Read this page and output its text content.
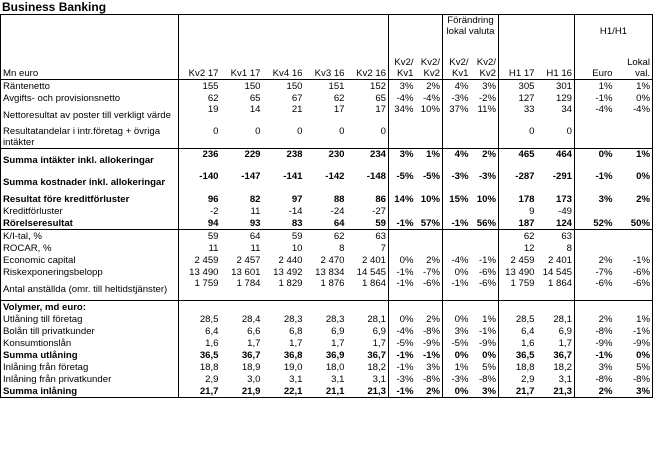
Business Banking
								Förändring lokal valuta				H1/H1	
Mn euro	Kv2 17	Kv1 17	Kv4 16	Kv3 16	Kv2 16	Kv2/ Kv1	Kv2/ Kv2	Kv2/ Kv1	Kv2/ Kv2	H1 17	H1 16	Euro	Lokal val.
Räntenetto	155	150	150	151	152	3%	2%	4%	3%	305	301	1%	1%
Avgifts- och provisionsnetto	62	65	67	62	65	-4%	-4%	-3%	-2%	127	129	-1%	0%
Nettoresultat av poster till verkligt värde	19	14	21	17	17	34%	10%	37%	11%	33	34	-4%	-4%
Resultatandelar i intr.företag + övriga intäkter	0	0	0	0	0					0	0		
Summa intäkter inkl. allokeringar	236	229	238	230	234	3%	1%	4%	2%	465	464	0%	1%
Summa kostnader inkl. allokeringar	-140	-147	-141	-142	-148	-5%	-5%	-3%	-3%	-287	-291	-1%	0%
Resultat före kreditförluster	96	82	97	88	86	14%	10%	15%	10%	178	173	3%	2%
Kreditförluster	-2	11	-14	-24	-27					9	-49		
Rörelseresultat	94	93	83	64	59	-1%	57%	-1%	56%	187	124	52%	50%
K/I-tal, %	59	64	59	62	63					62	63		
ROCAR, %	11	11	10	8	7					12	8		
Economic capital	2 459	2 457	2 440	2 470	2 401	0%	2%	-4%	-1%	2 459	2 401	2%	-1%
Riskexponeringsbelopp	13 490	13 601	13 492	13 834	14 545	-1%	-7%	0%	-6%	13 490	14 545	-7%	-6%
Antal anställda (omr. till heltidstjänster)	1 759	1 784	1 829	1 876	1 864	-1%	-6%	-1%	-6%	1 759	1 864	-6%	-6%
Volymer, md euro:													
Utlåning till företag	28,5	28,4	28,3	28,3	28,1	0%	2%	0%	1%	28,5	28,1	2%	1%
Bolån till privatkunder	6,4	6,6	6,8	6,9	6,9	-4%	-8%	3%	-1%	6,4	6,9	-8%	-1%
Konsumtionslån	1,6	1,7	1,7	1,7	1,7	-5%	-9%	-5%	-9%	1,6	1,7	-9%	-9%
Summa utlåning	36,5	36,7	36,8	36,9	36,7	-1%	-1%	0%	0%	36,5	36,7	-1%	0%
Inlåning från företag	18,8	18,9	19,0	18,0	18,2	-1%	3%	1%	5%	18,8	18,2	3%	5%
Inlåning från privatkunder	2,9	3,0	3,1	3,1	3,1	-3%	-8%	-3%	-8%	2,9	3,1	-8%	-8%
Summa inlåning	21,7	21,9	22,1	21,1	21,3	-1%	2%	0%	3%	21,7	21,3	2%	3%
